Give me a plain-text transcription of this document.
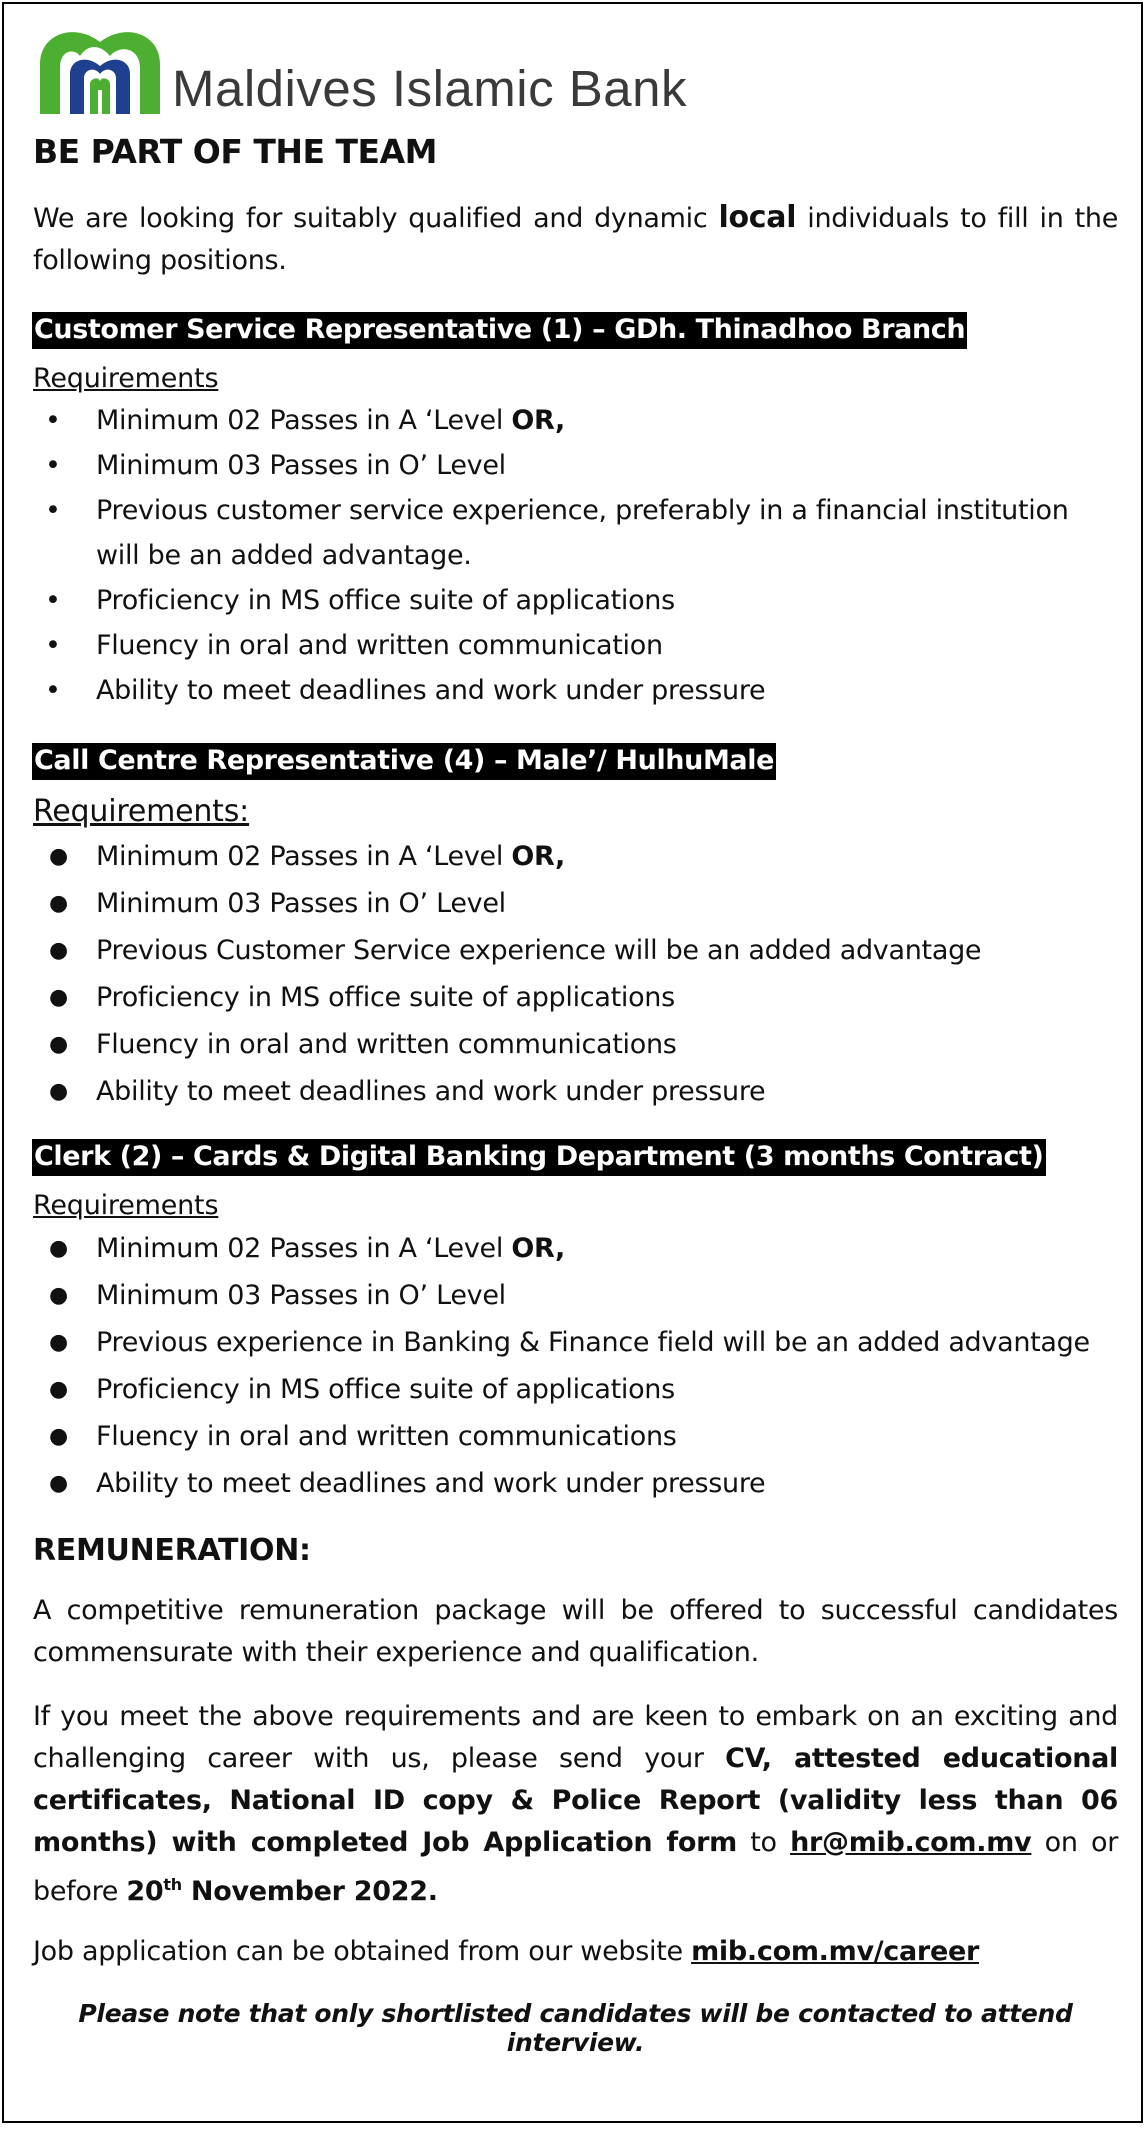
Maldives Islamic Bank
BE PART OF THE TEAM

We are looking for suitably qualified and dynamic local individuals to fill in the following positions.

Customer Service Representative (1) – GDh. Thinadhoo Branch

Requirements

• Minimum 02 Passes in A ‘Level OR,
• Minimum 03 Passes in O’ Level
• Previous customer service experience, preferably in a financial institution will be an added advantage.
• Proficiency in MS office suite of applications
• Fluency in oral and written communication
• Ability to meet deadlines and work under pressure
Call Centre Representative (4) – Male’/ HulhuMale

Requirements:

● Minimum 02 Passes in A ‘Level OR,
● Minimum 03 Passes in O’ Level
● Previous Customer Service experience will be an added advantage
● Proficiency in MS office suite of applications
● Fluency in oral and written communications
● Ability to meet deadlines and work under pressure
Clerk (2) – Cards & Digital Banking Department (3 months Contract)

Requirements

● Minimum 02 Passes in A ‘Level OR,
● Minimum 03 Passes in O’ Level
● Previous experience in Banking & Finance field will be an added advantage
● Proficiency in MS office suite of applications
● Fluency in oral and written communications
● Ability to meet deadlines and work under pressure

REMUNERATION:

A competitive remuneration package will be offered to successful candidates commensurate with their experience and qualification.

If you meet the above requirements and are keen to embark on an exciting and challenging career with us, please send your CV, attested educational certificates, National ID copy & Police Report (validity less than 06 months) with completed Job Application form to hr@mib.com.mv on or before 20th November 2022.

Job application can be obtained from our website mib.com.mv/career

Please note that only shortlisted candidates will be contacted to attend interview.
